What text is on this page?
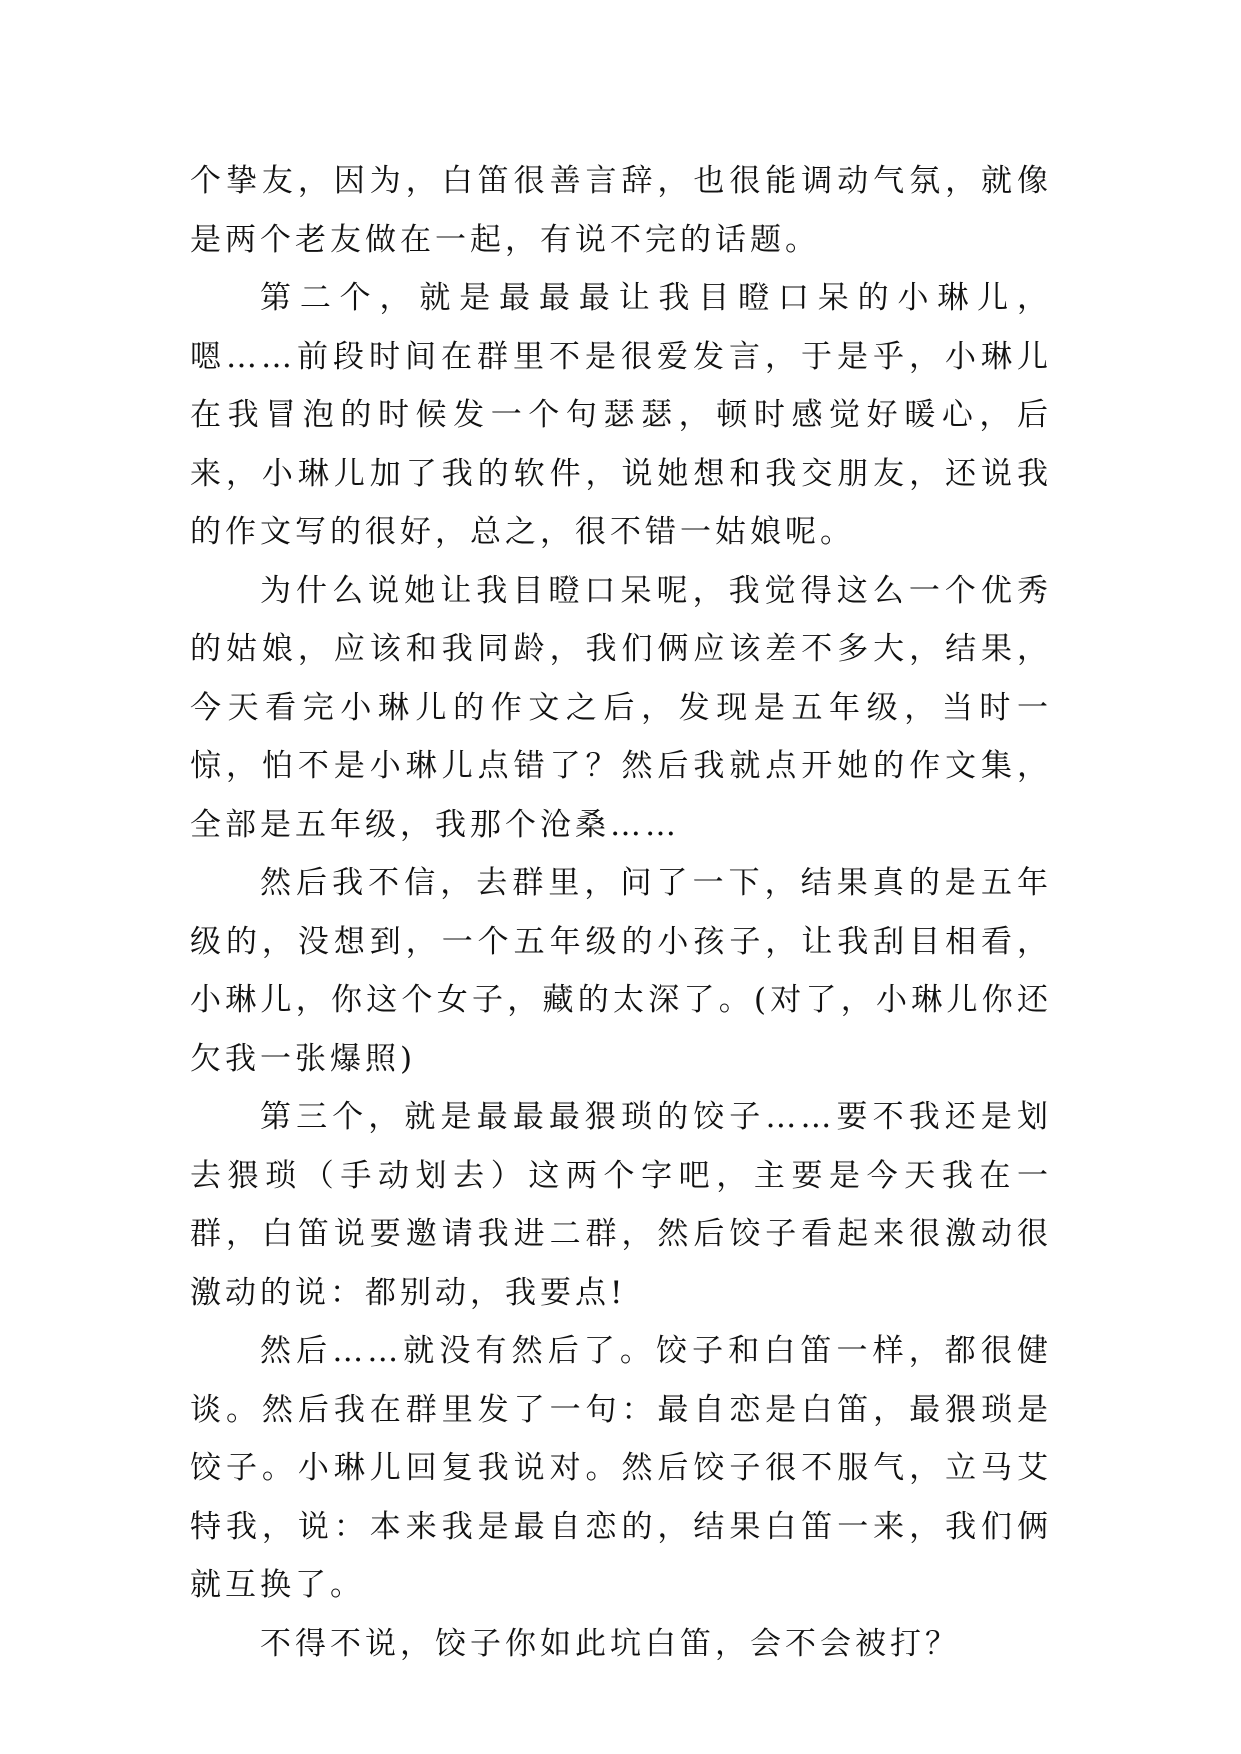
个挚友，因为，白笛很善言辞，也很能调动气氛，就像是两个老友做在一起，有说不完的话题。

第二个，就是最最最让我目瞪口呆的小琳儿，嗯……前段时间在群里不是很爱发言，于是乎，小琳儿在我冒泡的时候发一个句瑟瑟，顿时感觉好暖心，后来，小琳儿加了我的软件，说她想和我交朋友，还说我的作文写的很好，总之，很不错一姑娘呢。

为什么说她让我目瞪口呆呢，我觉得这么一个优秀的姑娘，应该和我同龄，我们俩应该差不多大，结果，今天看完小琳儿的作文之后，发现是五年级，当时一惊，怕不是小琳儿点错了？然后我就点开她的作文集，全部是五年级，我那个沧桑……

然后我不信，去群里，问了一下，结果真的是五年级的，没想到，一个五年级的小孩子，让我刮目相看，小琳儿，你这个女子，藏的太深了。(对了，小琳儿你还欠我一张爆照)

第三个，就是最最最猥琐的饺子……要不我还是划去猥琐（手动划去）这两个字吧，主要是今天我在一群，白笛说要邀请我进二群，然后饺子看起来很激动很激动的说：都别动，我要点!

然后……就没有然后了。饺子和白笛一样，都很健谈。然后我在群里发了一句：最自恋是白笛，最猥琐是饺子。小琳儿回复我说对。然后饺子很不服气，立马艾特我，说：本来我是最自恋的，结果白笛一来，我们俩就互换了。

不得不说，饺子你如此坑白笛，会不会被打？
